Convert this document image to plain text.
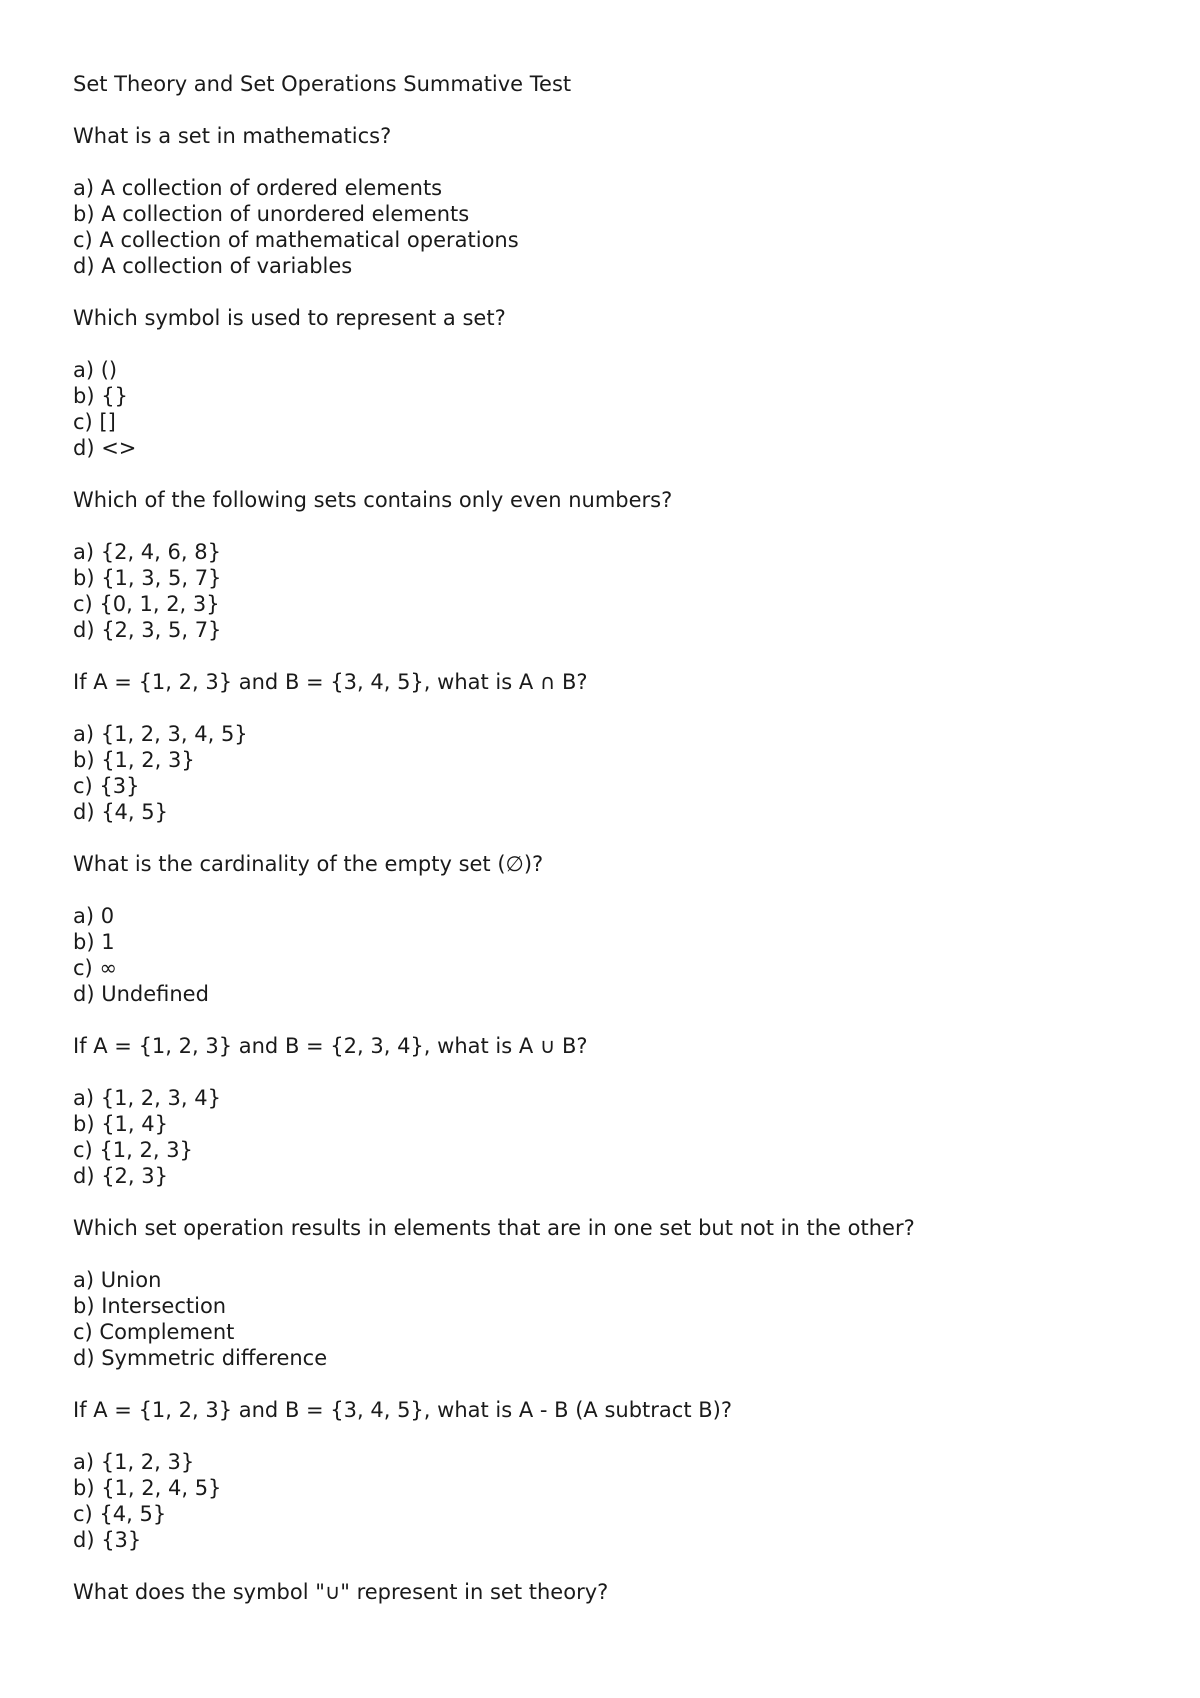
Set Theory and Set Operations Summative Test
What is a set in mathematics?
a) A collection of ordered elements
b) A collection of unordered elements
c) A collection of mathematical operations
d) A collection of variables
Which symbol is used to represent a set?
a) ()
b) {}
c) []
d) <>
Which of the following sets contains only even numbers?
a) {2, 4, 6, 8}
b) {1, 3, 5, 7}
c) {0, 1, 2, 3}
d) {2, 3, 5, 7}
If A = {1, 2, 3} and B = {3, 4, 5}, what is A ∩ B?
a) {1, 2, 3, 4, 5}
b) {1, 2, 3}
c) {3}
d) {4, 5}
What is the cardinality of the empty set (∅)?
a) 0
b) 1
c) ∞
d) Undefined
If A = {1, 2, 3} and B = {2, 3, 4}, what is A ∪ B?
a) {1, 2, 3, 4}
b) {1, 4}
c) {1, 2, 3}
d) {2, 3}
Which set operation results in elements that are in one set but not in the other?
a) Union
b) Intersection
c) Complement
d) Symmetric difference
If A = {1, 2, 3} and B = {3, 4, 5}, what is A - B (A subtract B)?
a) {1, 2, 3}
b) {1, 2, 4, 5}
c) {4, 5}
d) {3}
What does the symbol "∪" represent in set theory?
